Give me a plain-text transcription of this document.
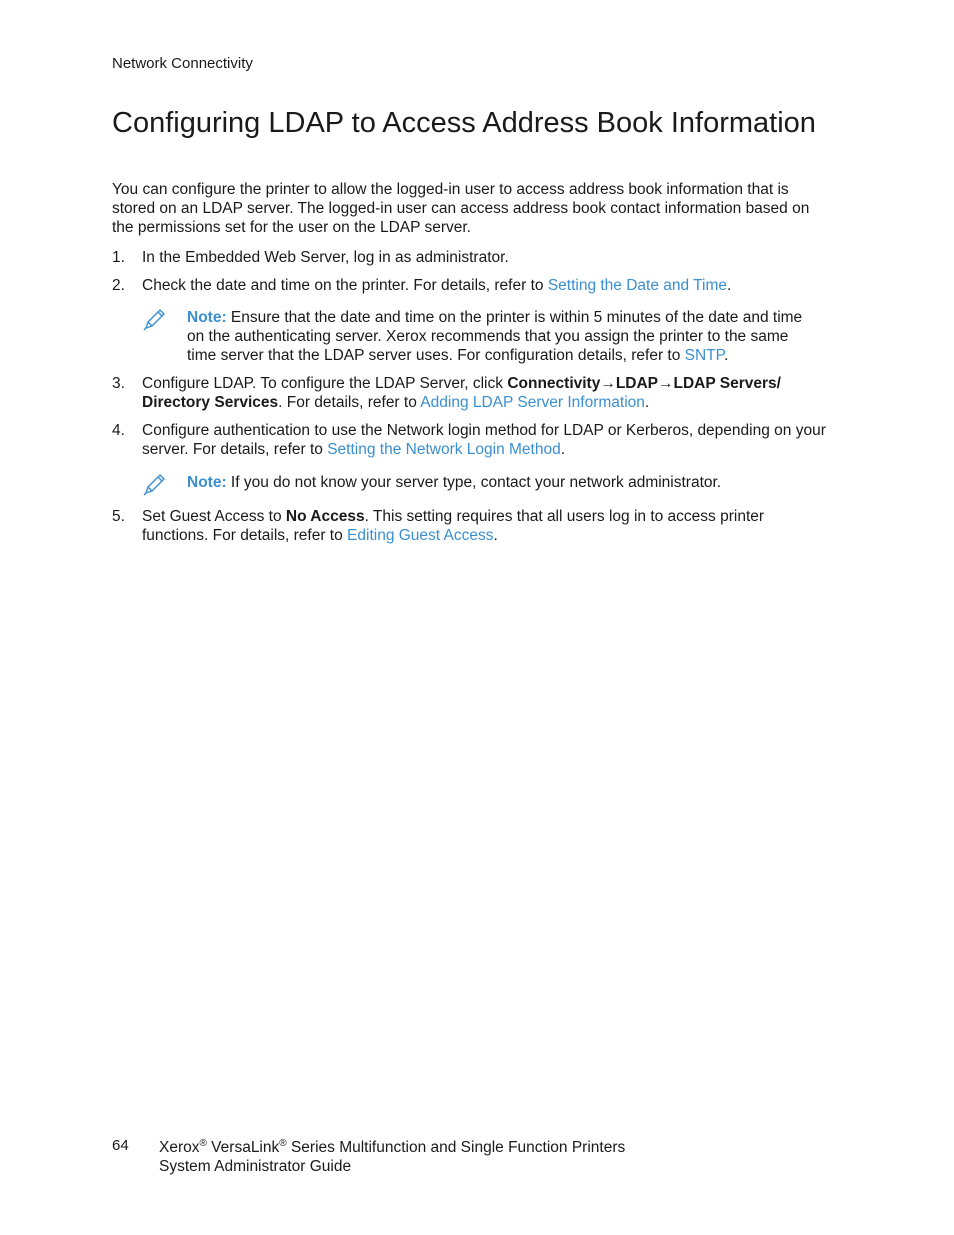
Network Connectivity
Configuring LDAP to Access Address Book Information

You can configure the printer to allow the logged-in user to access address book information that is stored on an LDAP server. The logged-in user can access address book contact information based on the permissions set for the user on the LDAP server.

1.	In the Embedded Web Server, log in as administrator.
2.	Check the date and time on the printer. For details, refer to Setting the Date and Time.
Note: Ensure that the date and time on the printer is within 5 minutes of the date and time on the authenticating server. Xerox recommends that you assign the printer to the same time server that the LDAP server uses. For configuration details, refer to SNTP.
3.	Configure LDAP. To configure the LDAP Server, click Connectivity→LDAP→LDAP Servers/ Directory Services. For details, refer to Adding LDAP Server Information.
4.	Configure authentication to use the Network login method for LDAP or Kerberos, depending on your server. For details, refer to Setting the Network Login Method.
Note: If you do not know your server type, contact your network administrator.
5.	Set Guest Access to No Access. This setting requires that all users log in to access printer functions. For details, refer to Editing Guest Access.
64 Xerox® VersaLink® Series Multifunction and Single Function Printers
System Administrator Guide
